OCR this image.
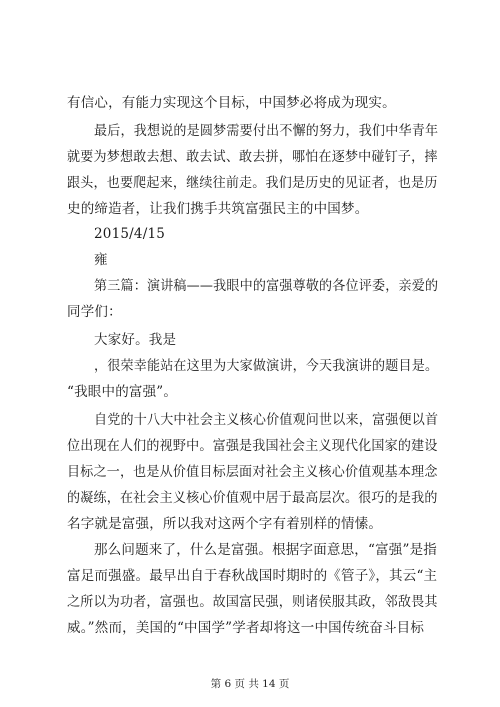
有信心，有能力实现这个目标，中国梦必将成为现实。
最后，我想说的是圆梦需要付出不懈的努力，我们中华青年
就要为梦想敢去想、敢去试、敢去拼，哪怕在逐梦中碰钉子，摔
跟头，也要爬起来，继续往前走。我们是历史的见证者，也是历
史的缔造者，让我们携手共筑富强民主的中国梦。
2015/4/15
雍
第三篇：演讲稿——我眼中的富强尊敬的各位评委，亲爱的
同学们：
大家好。我是
，很荣幸能站在这里为大家做演讲，今天我演讲的题目是。
“我眼中的富强”。
自党的十八大中社会主义核心价值观问世以来，富强便以首
位出现在人们的视野中。富强是我国社会主义现代化国家的建设
目标之一，也是从价值目标层面对社会主义核心价值观基本理念
的凝练，在社会主义核心价值观中居于最高层次。很巧的是我的
名字就是富强，所以我对这两个字有着别样的情愫。
那么问题来了，什么是富强。根据字面意思，“富强”是指
富足而强盛。最早出自于春秋战国时期时的《管子》，其云“主
之所以为功者，富强也。故国富民强，则诸侯服其政，邻敌畏其
威。”然而，美国的“中国学”学者却将这一中国传统奋斗目标
第 6 页 共 14 页
